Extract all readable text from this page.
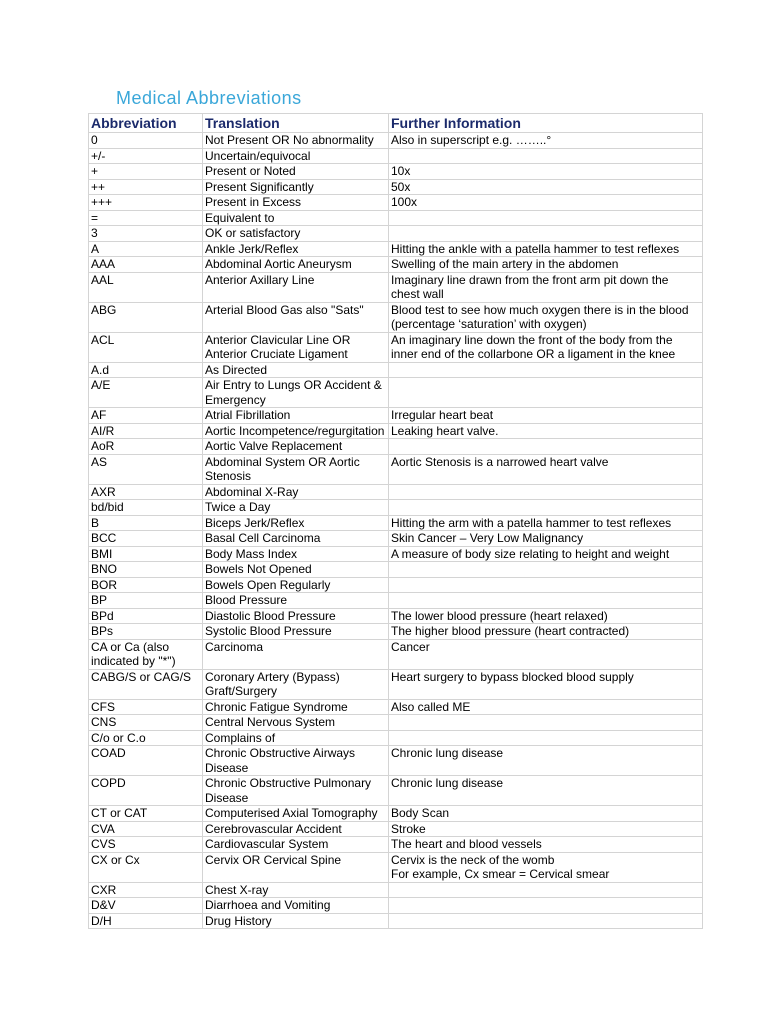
Medical Abbreviations
Abbreviation	Translation	Further Information
0	Not Present OR No abnormality	Also in superscript e.g. ……..°
+/-	Uncertain/equivocal	
+	Present or Noted	10x
++	Present Significantly	50x
+++	Present in Excess	100x
=	Equivalent to	
3	OK or satisfactory	
A	Ankle Jerk/Reflex	Hitting the ankle with a patella hammer to test reflexes
AAA	Abdominal Aortic Aneurysm	Swelling of the main artery in the abdomen
AAL	Anterior Axillary Line	Imaginary line drawn from the front arm pit down the chest wall
ABG	Arterial Blood Gas also "Sats"	Blood test to see how much oxygen there is in the blood (percentage ‘saturation’ with oxygen)
ACL	Anterior Clavicular Line OR Anterior Cruciate Ligament	An imaginary line down the front of the body from the inner end of the collarbone OR a ligament in the knee
A.d	As Directed	
A/E	Air Entry to Lungs OR Accident & Emergency	
AF	Atrial Fibrillation	Irregular heart beat
AI/R	Aortic Incompetence/regurgitation	Leaking heart valve.
AoR	Aortic Valve Replacement	
AS	Abdominal System OR Aortic Stenosis	Aortic Stenosis is a narrowed heart valve
AXR	Abdominal X-Ray	
bd/bid	Twice a Day	
B	Biceps Jerk/Reflex	Hitting the arm with a patella hammer to test reflexes
BCC	Basal Cell Carcinoma	Skin Cancer – Very Low Malignancy
BMI	Body Mass Index	A measure of body size relating to height and weight
BNO	Bowels Not Opened	
BOR	Bowels Open Regularly	
BP	Blood Pressure	
BPd	Diastolic Blood Pressure	The lower blood pressure (heart relaxed)
BPs	Systolic Blood Pressure	The higher blood pressure (heart contracted)
CA or Ca (also indicated by "*")	Carcinoma	Cancer
CABG/S or CAG/S	Coronary Artery (Bypass) Graft/Surgery	Heart surgery to bypass blocked blood supply
CFS	Chronic Fatigue Syndrome	Also called ME
CNS	Central Nervous System	
C/o or C.o	Complains of	
COAD	Chronic Obstructive Airways Disease	Chronic lung disease
COPD	Chronic Obstructive Pulmonary Disease	Chronic lung disease
CT or CAT	Computerised Axial Tomography	Body Scan
CVA	Cerebrovascular Accident	Stroke
CVS	Cardiovascular System	The heart and blood vessels
CX or Cx	Cervix OR Cervical Spine	Cervix is the neck of the womb
For example, Cx smear = Cervical smear
CXR	Chest X-ray	
D&V	Diarrhoea and Vomiting	
D/H	Drug History	
